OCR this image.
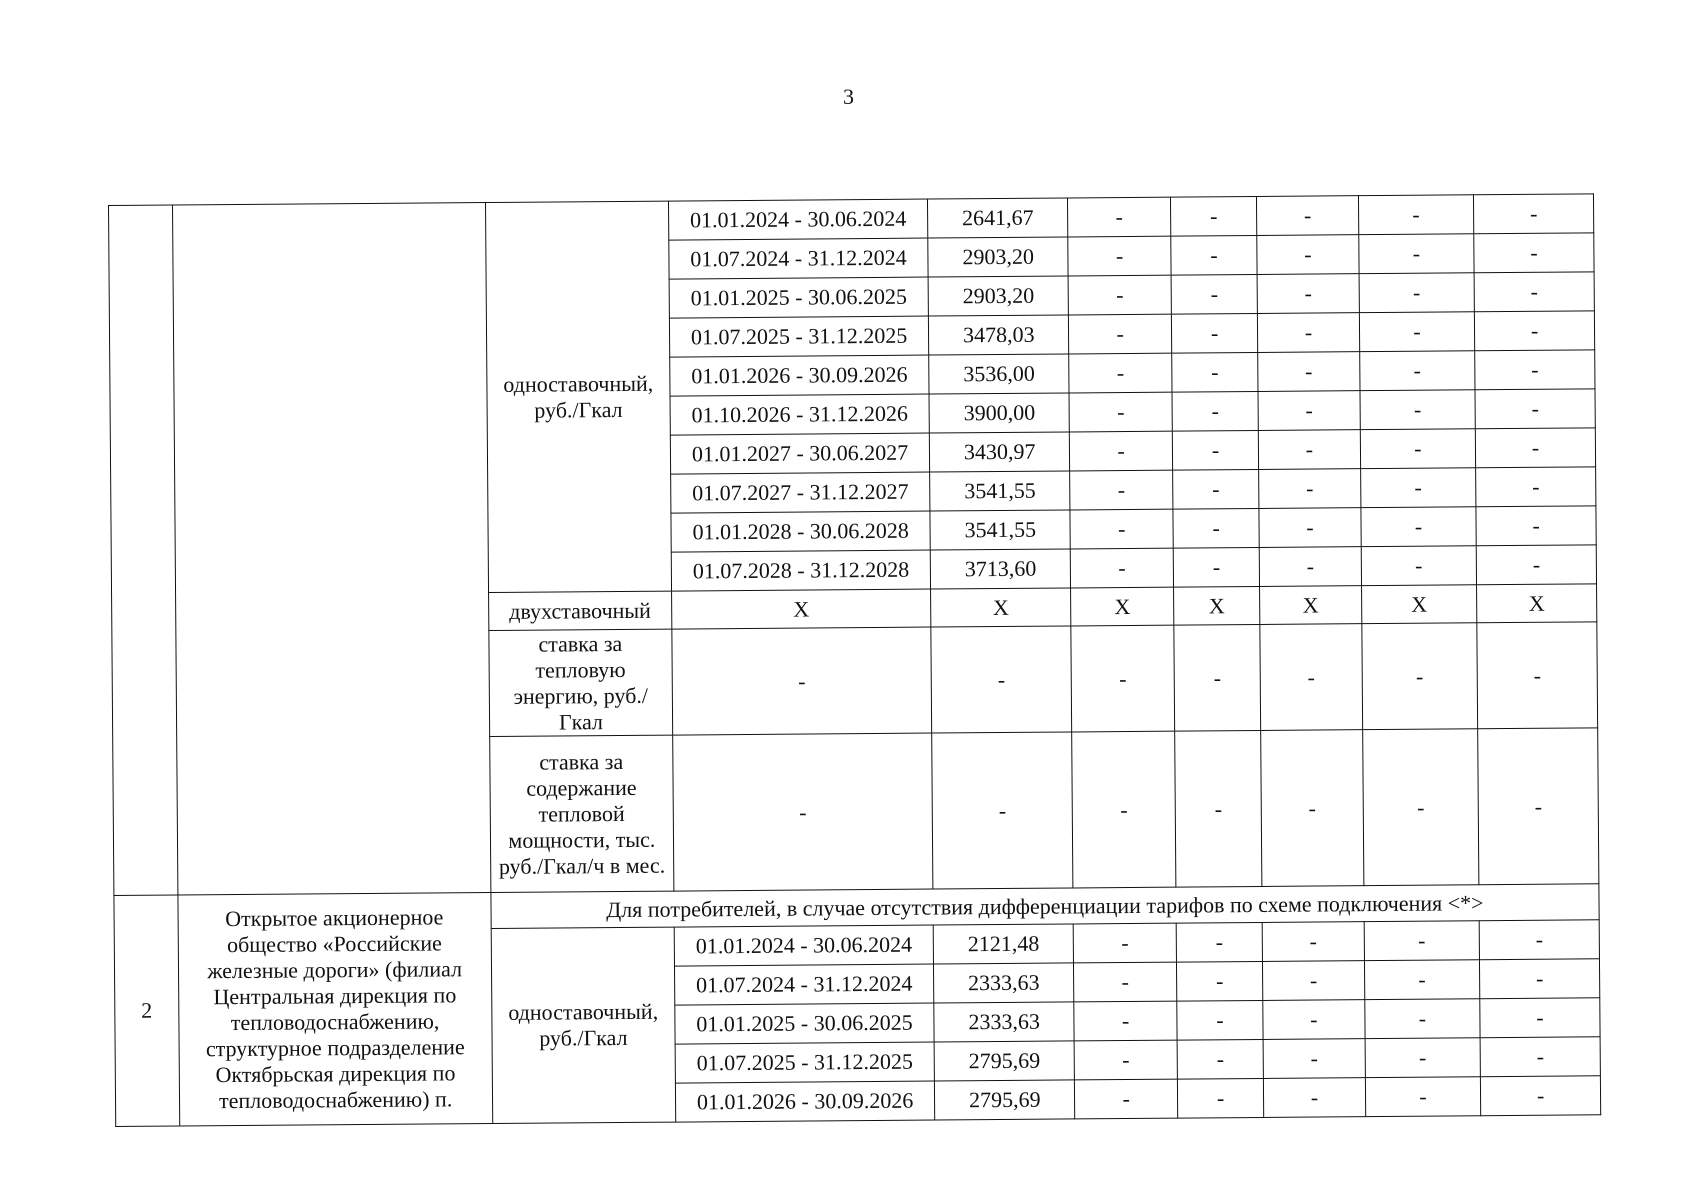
3
		одноставочный, руб./Гкал	01.01.2024 - 30.06.2024	2641,67	-	-	-	-	-
			01.07.2024 - 31.12.2024	2903,20	-	-	-	-	-
			01.01.2025 - 30.06.2025	2903,20	-	-	-	-	-
			01.07.2025 - 31.12.2025	3478,03	-	-	-	-	-
			01.01.2026 - 30.09.2026	3536,00	-	-	-	-	-
			01.10.2026 - 31.12.2026	3900,00	-	-	-	-	-
			01.01.2027 - 30.06.2027	3430,97	-	-	-	-	-
			01.07.2027 - 31.12.2027	3541,55	-	-	-	-	-
			01.01.2028 - 30.06.2028	3541,55	-	-	-	-	-
			01.07.2028 - 31.12.2028	3713,60	-	-	-	-	-
		двухставочный	X	X	X	X	X	X	X
		ставка за тепловую энергию, руб./Гкал	-	-	-	-	-	-	-
		ставка за содержание тепловой мощности, тыс. руб./Гкал/ч в мес.	-	-	-	-	-	-	-
2	Открытое акционерное общество «Российские железные дороги» (филиал Центральная дирекция по тепловодоснабжению, структурное подразделение Октябрьская дирекция по тепловодоснабжению) п.	Для потребителей, в случае отсутствия дифференциации тарифов по схеме подключения <*>							
		одноставочный, руб./Гкал	01.01.2024 - 30.06.2024	2121,48	-	-	-	-	-
			01.07.2024 - 31.12.2024	2333,63	-	-	-	-	-
			01.01.2025 - 30.06.2025	2333,63	-	-	-	-	-
			01.07.2025 - 31.12.2025	2795,69	-	-	-	-	-
			01.01.2026 - 30.09.2026	2795,69	-	-	-	-	-
